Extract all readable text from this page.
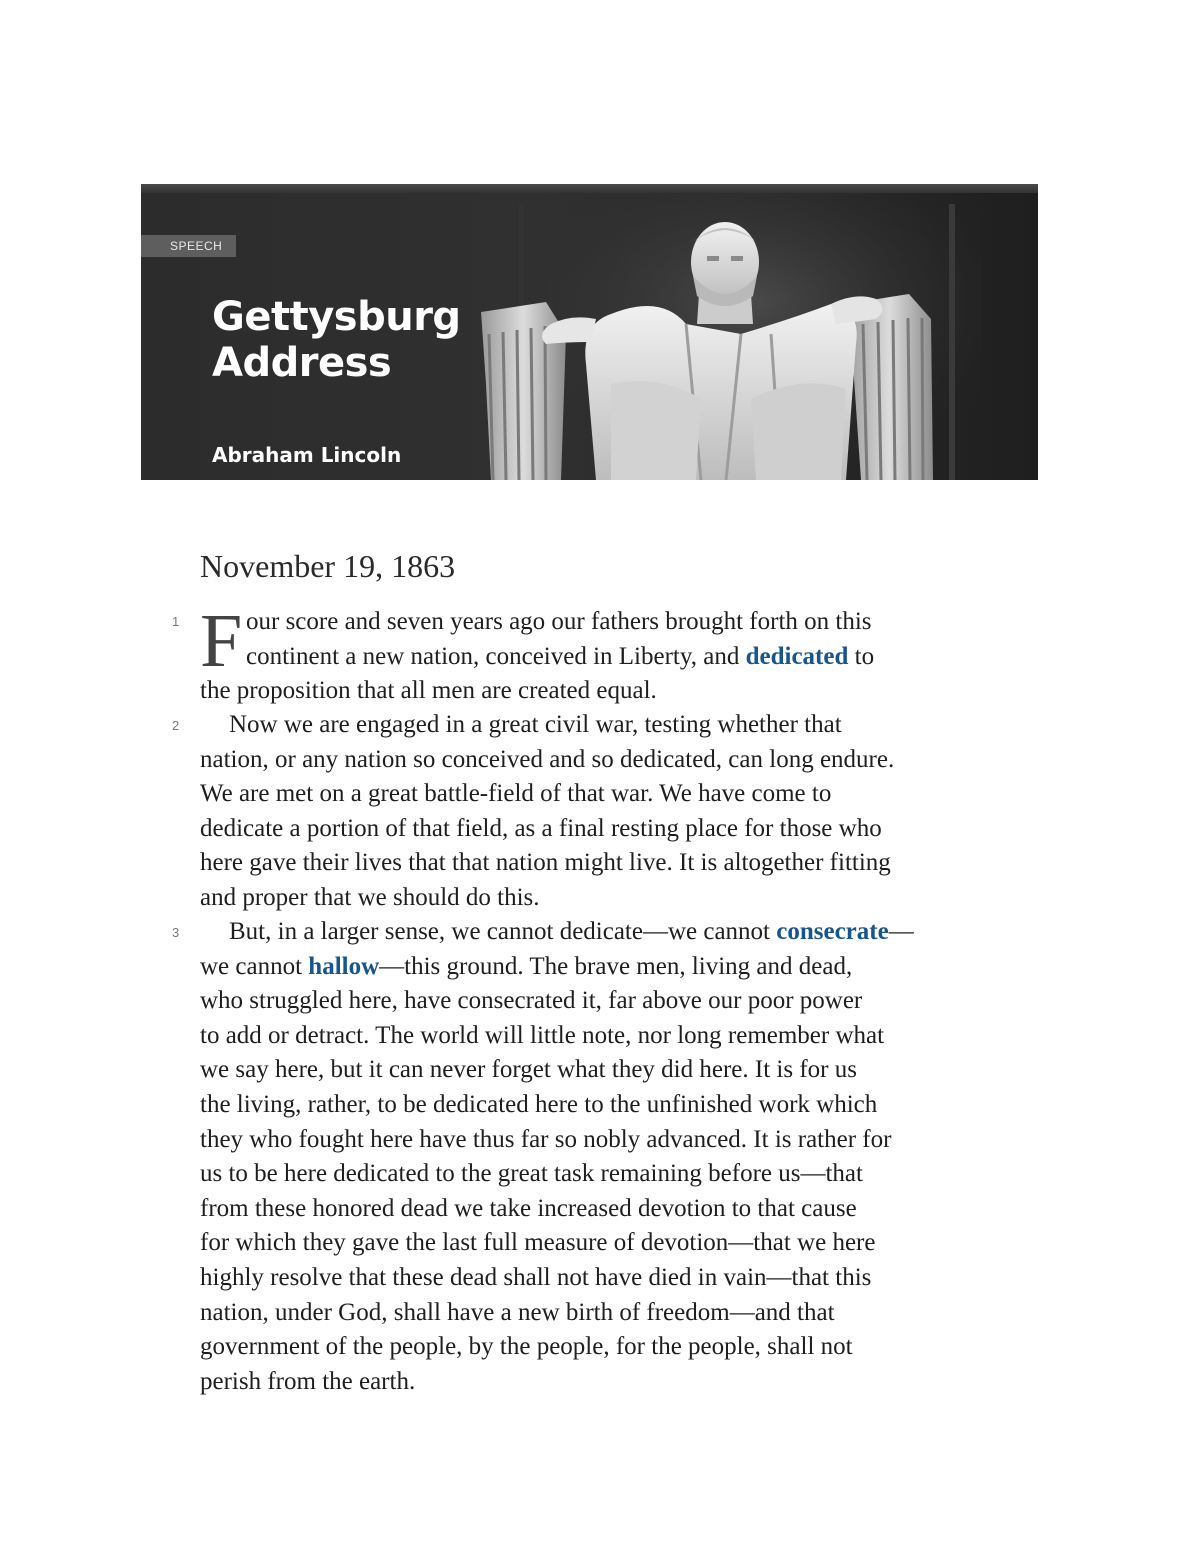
SPEECH
Gettysburg
Address
Abraham Lincoln
November 19, 1863
1 F our score and seven years ago our fathers brought forth on this
continent a new nation, conceived in Liberty, and dedicated to
the proposition that all men are created equal.
2	Now we are engaged in a great civil war, testing whether that
nation, or any nation so conceived and so dedicated, can long endure.
We are met on a great battle-field of that war. We have come to
dedicate a portion of that field, as a final resting place for those who
here gave their lives that that nation might live. It is altogether fitting
and proper that we should do this.
3	But, in a larger sense, we cannot dedicate—we cannot consecrate—
we cannot hallow—this ground. The brave men, living and dead,
who struggled here, have consecrated it, far above our poor power
to add or detract. The world will little note, nor long remember what
we say here, but it can never forget what they did here. It is for us
the living, rather, to be dedicated here to the unfinished work which
they who fought here have thus far so nobly advanced. It is rather for
us to be here dedicated to the great task remaining before us—that
from these honored dead we take increased devotion to that cause
for which they gave the last full measure of devotion—that we here
highly resolve that these dead shall not have died in vain—that this
nation, under God, shall have a new birth of freedom—and that
government of the people, by the people, for the people, shall not
perish from the earth.
